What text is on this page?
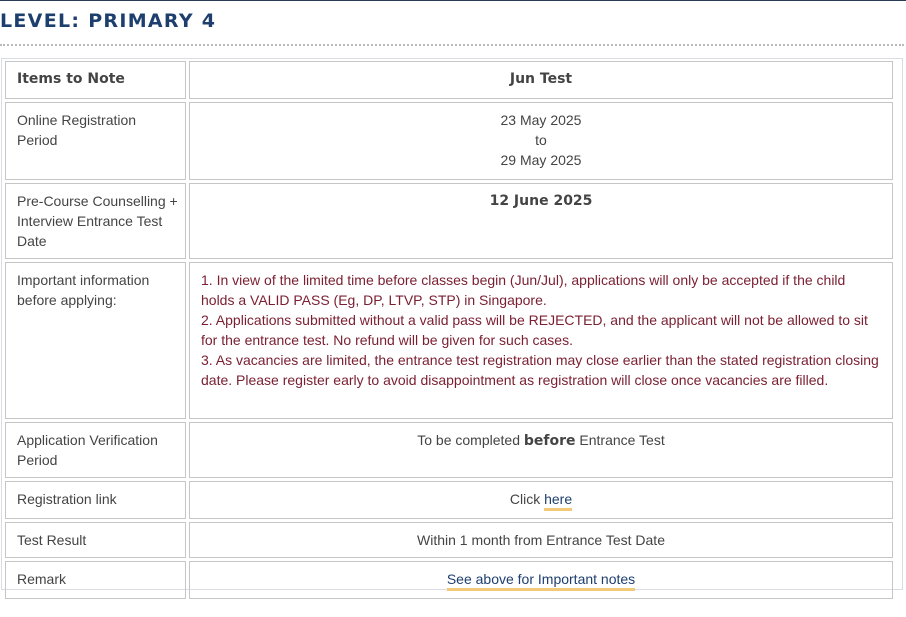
LEVEL: PRIMARY 4
Items to Note	Jun Test
Online Registration Period	23 May 2025
to
29 May 2025

Pre-Course Counselling + Interview Entrance Test Date	12 June 2025
Important information before applying:	1. In view of the limited time before classes begin (Jun/Jul), applications will only be accepted if the child holds a VALID PASS (Eg, DP, LTVP, STP) in Singapore.
2. Applications submitted without a valid pass will be REJECTED, and the applicant will not be allowed to sit for the entrance test. No refund will be given for such cases.
3. As vacancies are limited, the entrance test registration may close earlier than the stated registration closing date. Please register early to avoid disappointment as registration will close once vacancies are filled.

Application Verification Period	To be completed before Entrance Test
Registration link	Click here
Test Result	Within 1 month from Entrance Test Date
Remark	See above for Important notes
